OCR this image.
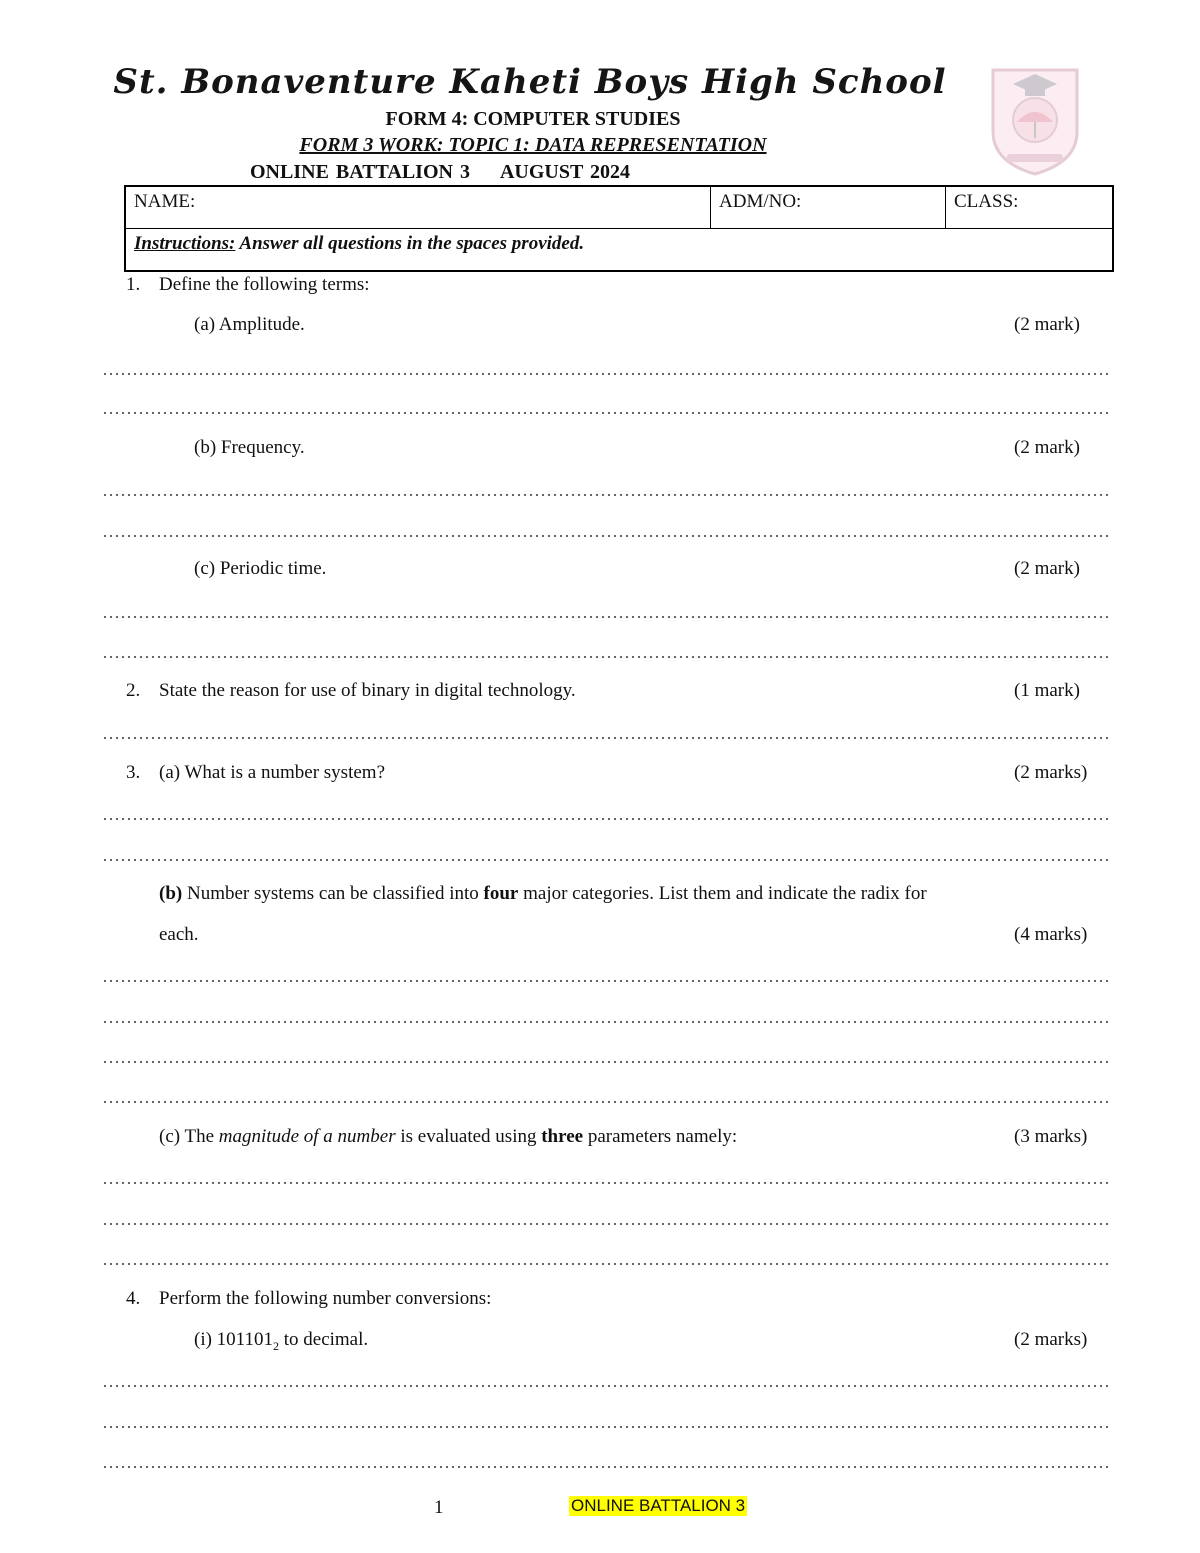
St. Bonaventure Kaheti Boys High School
FORM 4: COMPUTER STUDIES
FORM 3 WORK: TOPIC 1: DATA REPRESENTATION
ONLINE BATTALION 3 AUGUST 2024
NAME:	ADM/NO:	CLASS:
Instructions: Answer all questions in the spaces provided.
1. Define the following terms:
(a) Amplitude.	(2 mark)
(b) Frequency.	(2 mark)
(c) Periodic time.	(2 mark)
2. State the reason for use of binary in digital technology.	(1 mark)
3. (a) What is a number system?	(2 marks)
(b) Number systems can be classified into four major categories. List them and indicate the radix for
each.	(4 marks)
(c) The magnitude of a number is evaluated using three parameters namely:	(3 marks)
4. Perform the following number conversions:
(i) $101101_2$ to decimal.	(2 marks)
1	ONLINE BATTALION 3
